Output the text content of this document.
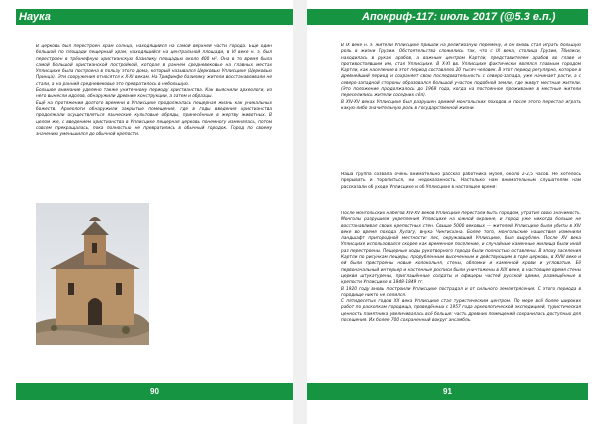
Наука

В церковь был перестроен храм солнца, находящийся на самой верхней части города. Ещё один большой по площади пещерный храм, находящийся на центральной площади, в VI веке н. э. был перестроен в трёхнефную христианскую базилику площадью около 400 м². Она в то время была самой большой христианской постройкой, которая в раннем средневековье на главных местах Уплисцихе была построена в пользу этого дома, который назывался Церковью Уплисцихе (Церковью Принца). Эти сооружения относятся к X-XI векам. На Трифинфе базилику жители восстанавливали не стали, а на ранний средневековье это превратилось в небольшую.

Большое внимание уделено также унитечному периоду христианства. Как выяснили археологи, из него вынесли идолов, обнаружили древние конструкции, а затем и образцы.

Ещё на протяжении долгого времени в Уплисцихе продолжалась пещерная жизнь как уникальных божеств. Археологи обнаружили закрытые помещения, где в годы введения христианства продолжали осуществляться языческие культовые обряды, принесённые в жертву животных. В целом же, с введением христианства в Уплисцихе пещерная церковь понемногу изменялась, потом совсем прекращалась, пока полностью не превратились в обычный городок. Город по своему значению уменьшился до обычной крепости.

90
Апокриф-117: июль 2017 (@5.3 е.п.)

В IX веке н. э. жители Уплисцихе пришли на религиозную перемену, и он вновь стал играть большую роль в жизни Грузии. Обстоятельства сложились так, что с IX века, столица Грузии, Тбилиси, находилась в руках арабов, а важным центром Картли, представителем арабов во главе и противостоявшим им, стал Уплисцихе. В X-XI вв. Уплисцихе фактически являлся главным городом Картли, как население в этот период составляло 20 тысяч человек. В этот период регулярно, которое в древнейший период и сохраняет свою последовательность с северо-запада, уже начинает расти, а с северо-западной стороны образовался большой участок подобной земли, где живут местные жители. (Это положение продолжалось до 1968 года, когда на постоянное проживание в местные жители переселились жители соседних сёл).

В XIV-XV веках Уплисцихе был разрушен армией монгольских походов и после этого перестал играть какую-либо значительную роль в государственной жизни.

Наша группа созвала очень внимательно рассказ работника музея, около 2-2,5 часов. Не хотелось прерывать и торопиться, ни недоказанность. Настолько нам внимательным слушателям нам рассказали об уходе Уплисцихе и об Уплисцихе в настоящее время:

После монгольских набегов XIV-XV веков Уплисцихе перестали быть городом, утратил свою значимость. Монголы разрушили укрепления Уплисцихе на южной окраине, и город уже никогда больше не восстанавливал своих крепостных стен. Свыше 5000 вековых — жителей Уплисцихе были убиты в XIV веке во время похода Хулагу, внука Чингисхана. Более того, монгольские нашествия изменили ландшафт пригородной местности: лес, окружавший Уплисцихе, был вырублен. После XV века Уплисцихе использовался скорее как временное поселение, и случайные каменные жилища были иной раз перестроены. Пещерные ходы рукотворного города были полностью оставлены. В эпоху заселения Картли по рисункам пещеры, прорубленным высеченным и действующим в горе церковь, в XVIII веке и ей были пристроены новые колокольня, стены, обломки и каменной крови и угловатые. Её первоначальный интерьер и настенные росписи были уничтожены в XIX веке, в настоящее время стены церкви штукатурены, приглашённые солдаты и офицеры частей русской армии, размещённые в крепости Уплисцихе в 1848-1849 гг.

В 1920 году вновь построили Уплисцихе пострадал и от сильного землетрясения. С этого периода в городище никто не селился.

С пятидесятых годов XX века Уплисцихе стал туристическим центром. По мере всё более широких работ по раскопкам городища, проведённых с 1957 года археологической экспедицией, туристическая ценность памятника увеличивалась всё больше: часть древних помещений сохранилась доступных для посещения. Их более 700 сохраненный вокруг ансамбль.

91
